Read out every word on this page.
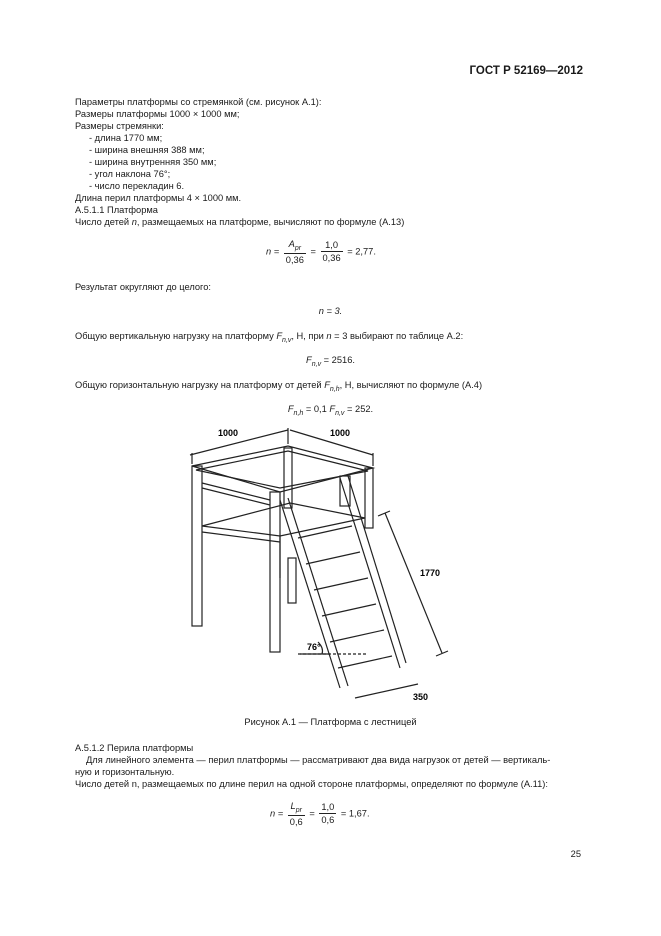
ГОСТ Р 52169—2012
Параметры платформы со стремянкой (см. рисунок А.1):
Размеры платформы 1000 × 1000 мм;
Размеры стремянки:
- длина 1770 мм;
- ширина внешняя 388 мм;
- ширина внутренняя 350 мм;
- угол наклона 76°;
- число перекладин 6.
Длина перил платформы 4 × 1000 мм.
А.5.1.1 Платформа
Число детей n, размещаемых на платформе, вычисляют по формуле (А.13)
$n = \frac{A_{pr}}{0,36} = \frac{1,0}{0,36} = 2,77$.
Результат округляют до целого:
n = 3.
Общую вертикальную нагрузку на платформу $F_{n,v}$, Н, при n = 3 выбирают по таблице А.2:
$F_{n,v} = 2516$.
Общую горизонтальную нагрузку на платформу от детей $F_{n,h}$, Н, вычисляют по формуле (А.4)
$F_{n,h} = 0,1$ $F_{n,v} = 252$.
1000	1000
1770
76°
350
Рисунок А.1 — Платформа с лестницей
А.5.1.2 Перила платформы
Для линейного элемента — перил платформы — рассматривают два вида нагрузок от детей — вертикаль-
ную и горизонтальную.
Число детей n, размещаемых по длине перил на одной стороне платформы, определяют по формуле (А.11):
$n = \frac{L_{pr}}{0,6} = \frac{1,0}{0,6} = 1,67$.
25
